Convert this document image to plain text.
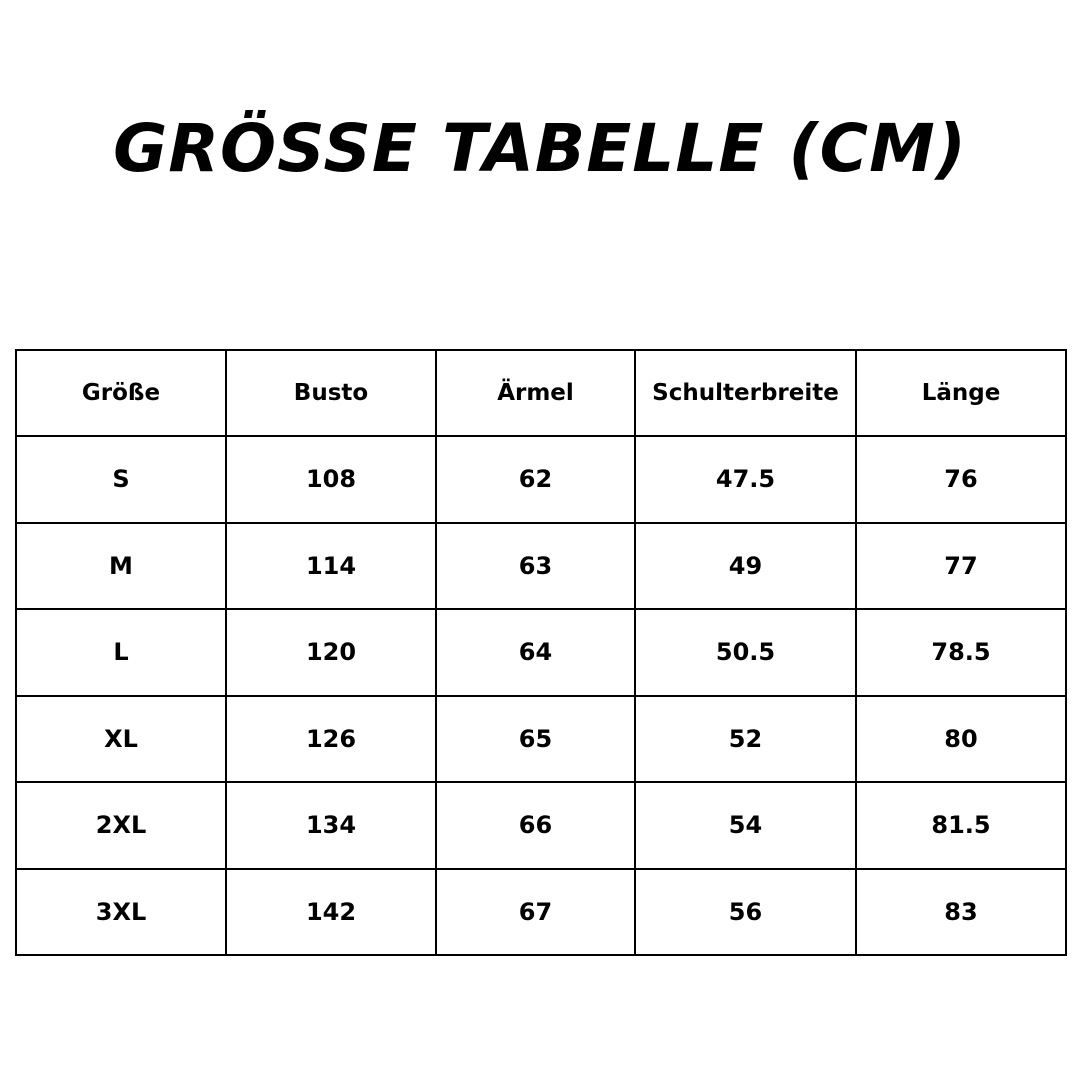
GRÖSSE TABELLE (CM)
Größe	Busto	Ärmel	Schulterbreite	Länge
S	108	62	47.5	76
M	114	63	49	77
L	120	64	50.5	78.5
XL	126	65	52	80
2XL	134	66	54	81.5
3XL	142	67	56	83
